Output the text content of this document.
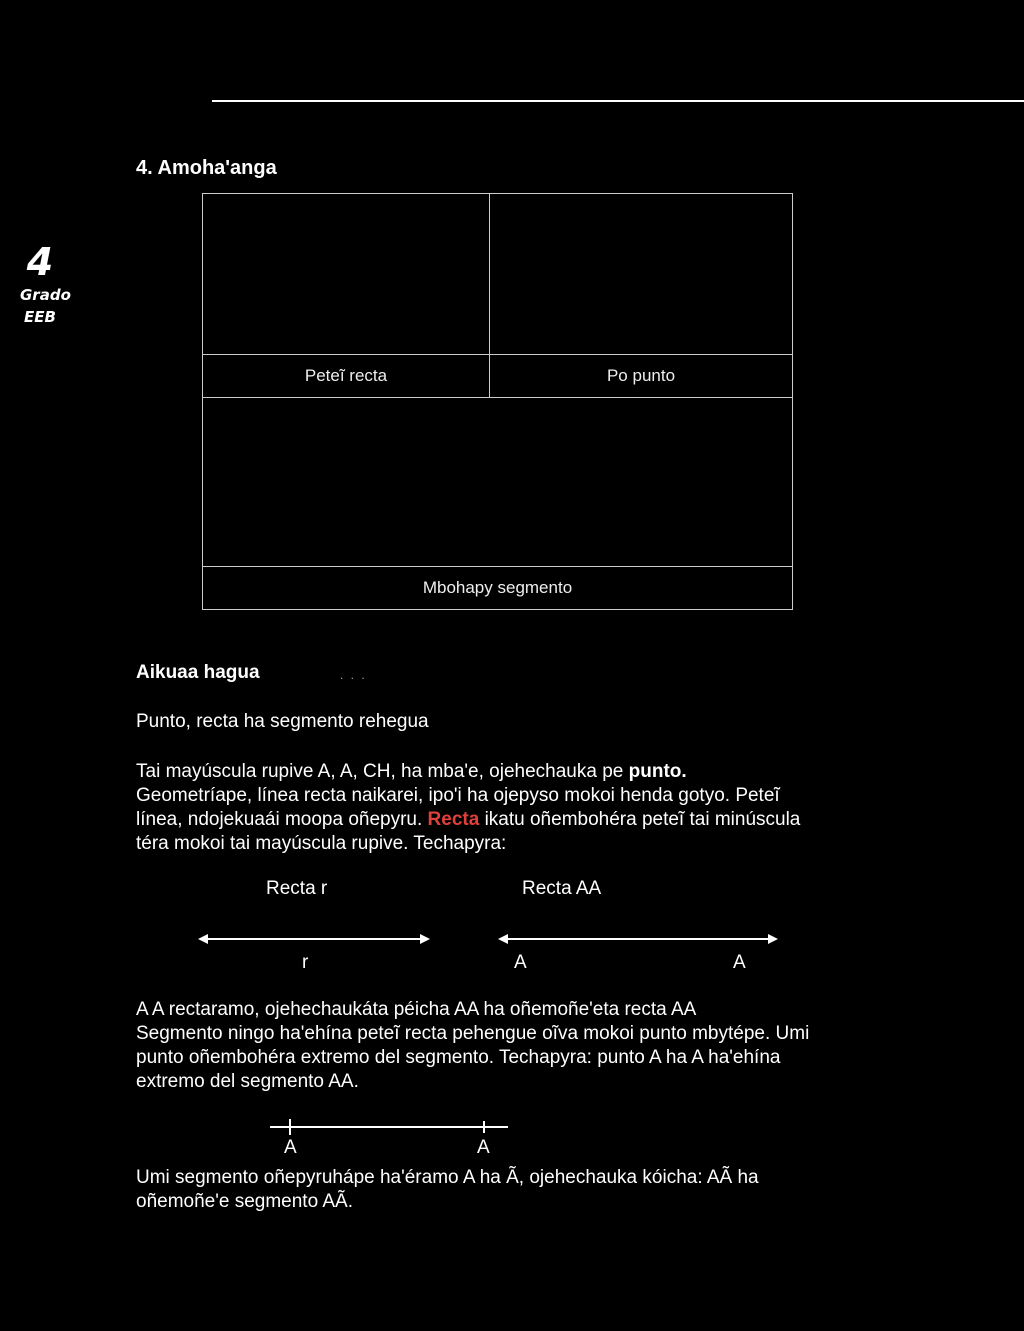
4. Amoha'anga
4
Grado
EEB

Peteĩ recta	Po punto

Mbohapy segmento	
Aikuaa hagua	. . .
Punto, recta ha segmento rehegua
Tai mayúscula rupive A, A, CH, ha mba'e, ojehechauka pe punto.
Geometríape, línea recta naikarei, ipo'i ha ojepyso mokoi henda gotyo. Peteĩ
línea, ndojekuaái moopa oñepyru. Recta ikatu oñembohéra peteĩ tai minúscula
téra mokoi tai mayúscula rupive. Techapyra:
Recta r	Recta AA
r	A	A
A A rectaramo, ojehechaukáta péicha AA ha oñemoñe'eta recta AA
Segmento ningo ha'ehína peteĩ recta pehengue oĩva mokoi punto mbytépe. Umi
punto oñembohéra extremo del segmento. Techapyra: punto A ha A ha'ehína
extremo del segmento AA.
A	A
Umi segmento oñepyruhápe ha'éramo A ha Ã, ojehechauka kóicha: AÃ ha
oñemoñe'e segmento AÃ.
